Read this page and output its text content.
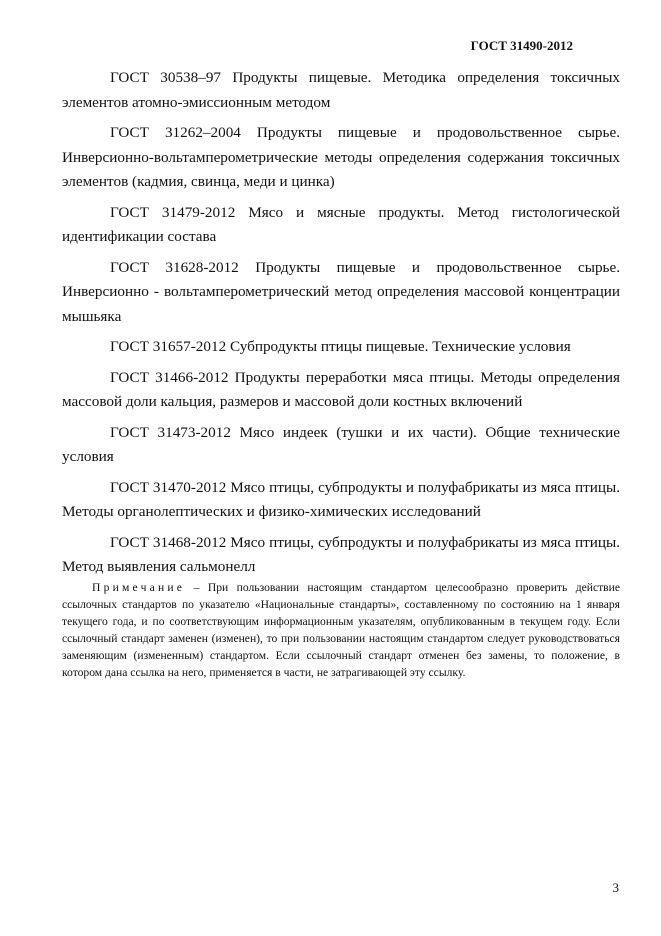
ГОСТ 31490-2012

ГОСТ 30538–97 Продукты пищевые. Методика определения токсичных элементов атомно-эмиссионным методом

ГОСТ 31262–2004 Продукты пищевые и продовольственное сырье. Инверсионно-вольтамперометрические методы определения содержания токсичных элементов (кадмия, свинца, меди и цинка)

ГОСТ 31479-2012 Мясо и мясные продукты. Метод гистологической идентификации состава

ГОСТ 31628-2012 Продукты пищевые и продовольственное сырье. Инверсионно - вольтамперометрический метод определения массовой концентрации мышьяка

ГОСТ 31657-2012 Субпродукты птицы пищевые. Технические условия

ГОСТ 31466-2012 Продукты переработки мяса птицы. Методы определения массовой доли кальция, размеров и массовой доли костных включений

ГОСТ 31473-2012 Мясо индеек (тушки и их части). Общие технические условия

ГОСТ 31470-2012 Мясо птицы, субпродукты и полуфабрикаты из мяса птицы. Методы органолептических и физико-химических исследований

ГОСТ 31468-2012 Мясо птицы, субпродукты и полуфабрикаты из мяса птицы. Метод выявления сальмонелл

Примечание – При пользовании настоящим стандартом целесообразно проверить действие ссылочных стандартов по указателю «Национальные стандарты», составленному по состоянию на 1 января текущего года, и по соответствующим информационным указателям, опубликованным в текущем году. Если ссылочный стандарт заменен (изменен), то при пользовании настоящим стандартом следует руководствоваться заменяющим (измененным) стандартом. Если ссылочный стандарт отменен без замены, то положение, в котором дана ссылка на него, применяется в части, не затрагивающей эту ссылку.

3
